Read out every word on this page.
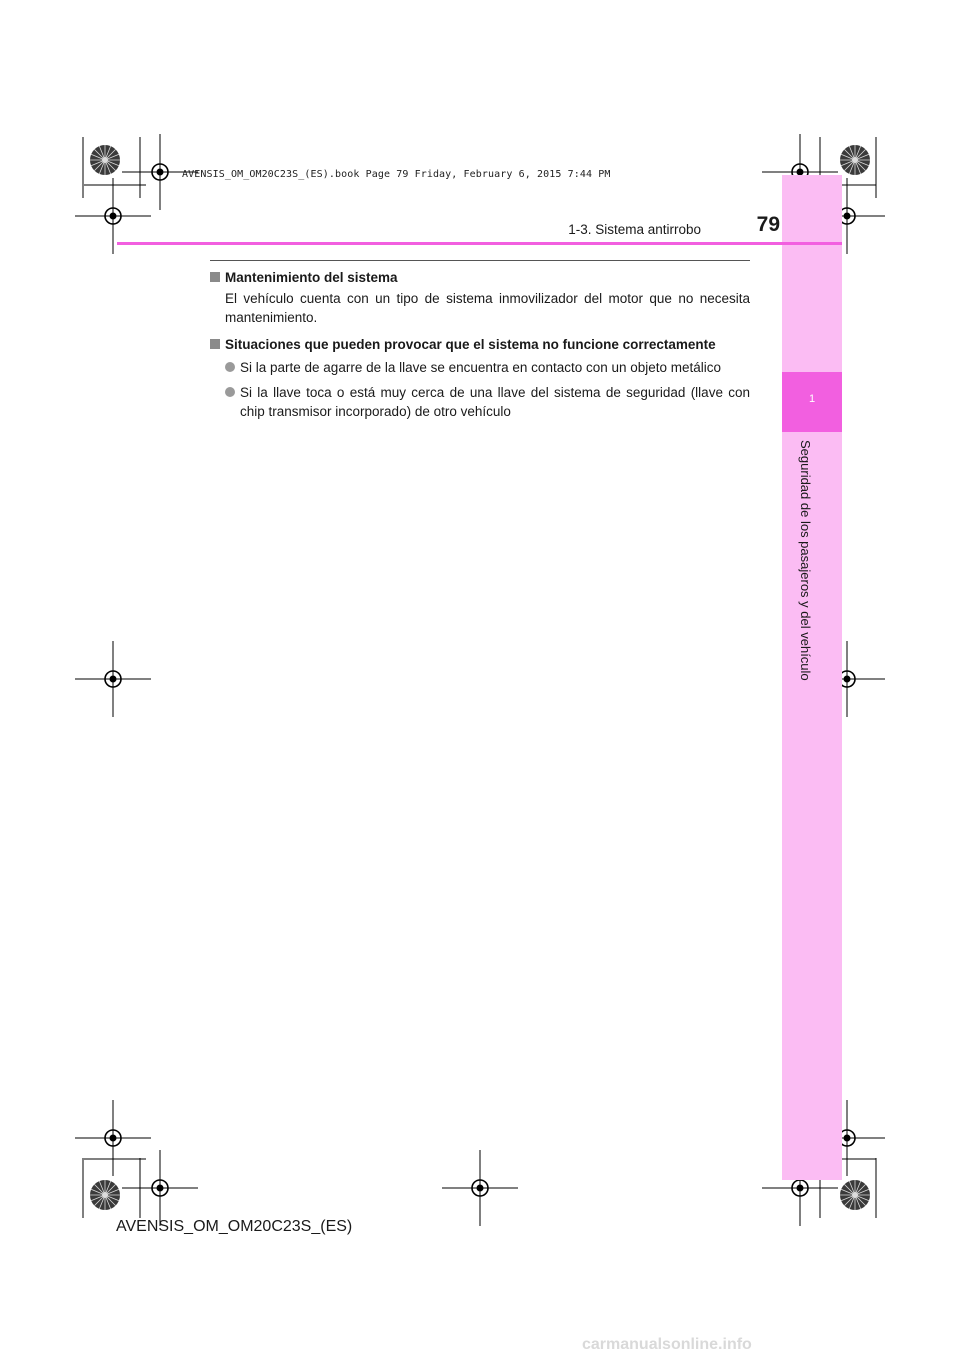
AVENSIS_OM_OM20C23S_(ES).book Page 79 Friday, February 6, 2015 7:44 PM
1
Seguridad de los pasajeros y del vehículo
1-3. Sistema antirrobo	79
Mantenimiento del sistema
El vehículo cuenta con un tipo de sistema inmovilizador del motor que no necesita mantenimiento.
Situaciones que pueden provocar que el sistema no funcione correctamente
Si la parte de agarre de la llave se encuentra en contacto con un objeto metálico
Si la llave toca o está muy cerca de una llave del sistema de seguridad (llave con chip transmisor incorporado) de otro vehículo
AVENSIS_OM_OM20C23S_(ES)
carmanualsonline.info
